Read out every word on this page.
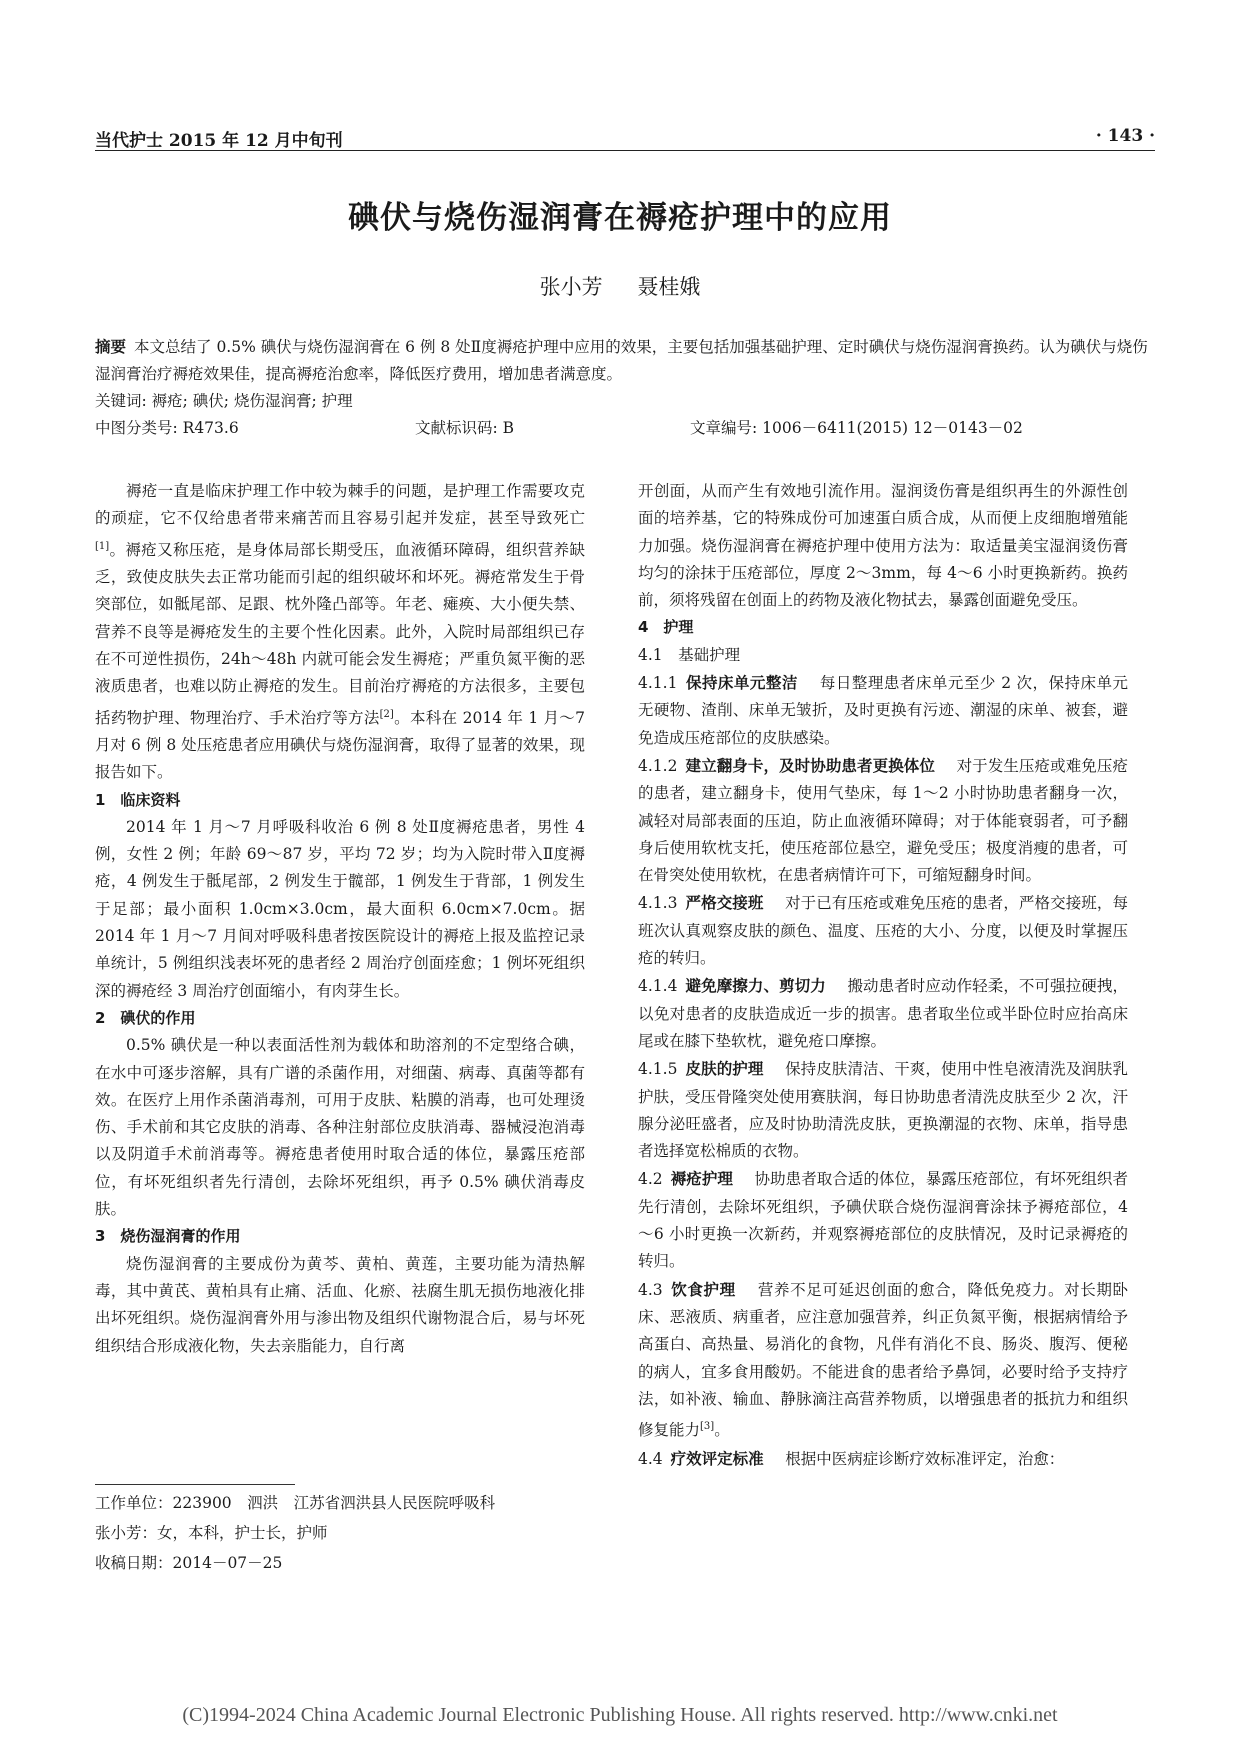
当代护士 2015 年 12 月中旬刊	· 143 ·
碘伏与烧伤湿润膏在褥疮护理中的应用
张小芳 聂桂娥

摘要 本文总结了 0.5% 碘伏与烧伤湿润膏在 6 例 8 处Ⅱ度褥疮护理中应用的效果，主要包括加强基础护理、定时碘伏与烧伤湿润膏换药。认为碘伏与烧伤湿润膏治疗褥疮效果佳，提高褥疮治愈率，降低医疗费用，增加患者满意度。

关键词: 褥疮; 碘伏; 烧伤湿润膏; 护理

中图分类号: R473.6	文献标识码: B	文章编号: 1006－6411(2015) 12－0143－02

褥疮一直是临床护理工作中较为棘手的问题，是护理工作需要攻克的顽症，它不仅给患者带来痛苦而且容易引起并发症，甚至导致死亡[1]。褥疮又称压疮，是身体局部长期受压，血液循环障碍，组织营养缺乏，致使皮肤失去正常功能而引起的组织破坏和坏死。褥疮常发生于骨突部位，如骶尾部、足跟、枕外隆凸部等。年老、瘫痪、大小便失禁、营养不良等是褥疮发生的主要个性化因素。此外，入院时局部组织已存在不可逆性损伤，24h～48h 内就可能会发生褥疮；严重负氮平衡的恶液质患者，也难以防止褥疮的发生。目前治疗褥疮的方法很多，主要包括药物护理、物理治疗、手术治疗等方法[2]。本科在 2014 年 1 月～7 月对 6 例 8 处压疮患者应用碘伏与烧伤湿润膏，取得了显著的效果，现报告如下。

1　临床资料

2014 年 1 月～7 月呼吸科收治 6 例 8 处Ⅱ度褥疮患者，男性 4 例，女性 2 例；年龄 69～87 岁，平均 72 岁；均为入院时带入Ⅱ度褥疮，4 例发生于骶尾部，2 例发生于髋部，1 例发生于背部，1 例发生于足部；最小面积 1.0cm×3.0cm，最大面积 6.0cm×7.0cm。据 2014 年 1 月～7 月间对呼吸科患者按医院设计的褥疮上报及监控记录单统计，5 例组织浅表坏死的患者经 2 周治疗创面痊愈；1 例坏死组织深的褥疮经 3 周治疗创面缩小，有肉芽生长。

2　碘伏的作用

0.5% 碘伏是一种以表面活性剂为载体和助溶剂的不定型络合碘，在水中可逐步溶解，具有广谱的杀菌作用，对细菌、病毒、真菌等都有效。在医疗上用作杀菌消毒剂，可用于皮肤、粘膜的消毒，也可处理烫伤、手术前和其它皮肤的消毒、各种注射部位皮肤消毒、器械浸泡消毒以及阴道手术前消毒等。褥疮患者使用时取合适的体位，暴露压疮部位，有坏死组织者先行清创，去除坏死组织，再予 0.5% 碘伏消毒皮肤。

3　烧伤湿润膏的作用

烧伤湿润膏的主要成份为黄芩、黄柏、黄莲，主要功能为清热解毒，其中黄芪、黄柏具有止痛、活血、化瘀、祛腐生肌无损伤地液化排出坏死组织。烧伤湿润膏外用与渗出物及组织代谢物混合后，易与坏死组织结合形成液化物，失去亲脂能力，自行离

开创面，从而产生有效地引流作用。湿润烫伤膏是组织再生的外源性创面的培养基，它的特殊成份可加速蛋白质合成，从而便上皮细胞增殖能力加强。烧伤湿润膏在褥疮护理中使用方法为：取适量美宝湿润烫伤膏均匀的涂抹于压疮部位，厚度 2～3mm，每 4～6 小时更换新药。换药前，须将残留在创面上的药物及液化物拭去，暴露创面避免受压。

4　护理

4.1　基础护理

4.1.1 保持床单元整洁　 每日整理患者床单元至少 2 次，保持床单元无硬物、渣削、床单无皱折，及时更换有污迹、潮湿的床单、被套，避免造成压疮部位的皮肤感染。

4.1.2 建立翻身卡，及时协助患者更换体位　 对于发生压疮或难免压疮的患者，建立翻身卡，使用气垫床，每 1～2 小时协助患者翻身一次，减轻对局部表面的压迫，防止血液循环障碍；对于体能衰弱者，可予翻身后使用软枕支托，使压疮部位悬空，避免受压；极度消瘦的患者，可在骨突处使用软枕，在患者病情许可下，可缩短翻身时间。

4.1.3 严格交接班　 对于已有压疮或难免压疮的患者，严格交接班，每班次认真观察皮肤的颜色、温度、压疮的大小、分度，以便及时掌握压疮的转归。

4.1.4 避免摩擦力、剪切力　 搬动患者时应动作轻柔，不可强拉硬拽，以免对患者的皮肤造成近一步的损害。患者取坐位或半卧位时应抬高床尾或在膝下垫软枕，避免疮口摩擦。

4.1.5 皮肤的护理　 保持皮肤清洁、干爽，使用中性皂液清洗及润肤乳护肤，受压骨隆突处使用赛肤润，每日协助患者清洗皮肤至少 2 次，汗腺分泌旺盛者，应及时协助清洗皮肤，更换潮湿的衣物、床单，指导患者选择宽松棉质的衣物。

4.2 褥疮护理　 协助患者取合适的体位，暴露压疮部位，有坏死组织者先行清创，去除坏死组织，予碘伏联合烧伤湿润膏涂抹予褥疮部位，4～6 小时更换一次新药，并观察褥疮部位的皮肤情况，及时记录褥疮的转归。

4.3 饮食护理　 营养不足可延迟创面的愈合，降低免疫力。对长期卧床、恶液质、病重者，应注意加强营养，纠正负氮平衡，根据病情给予高蛋白、高热量、易消化的食物，凡伴有消化不良、肠炎、腹泻、便秘的病人，宜多食用酸奶。不能进食的患者给予鼻饲，必要时给予支持疗法，如补液、输血、静脉滴注高营养物质，以增强患者的抵抗力和组织修复能力[3]。

4.4 疗效评定标准　 根据中医病症诊断疗效标准评定，治愈：

工作单位：223900　泗洪　江苏省泗洪县人民医院呼吸科

张小芳：女，本科，护士长，护师

收稿日期：2014－07－25

(C)1994-2024 China Academic Journal Electronic Publishing House. All rights reserved. http://www.cnki.net
